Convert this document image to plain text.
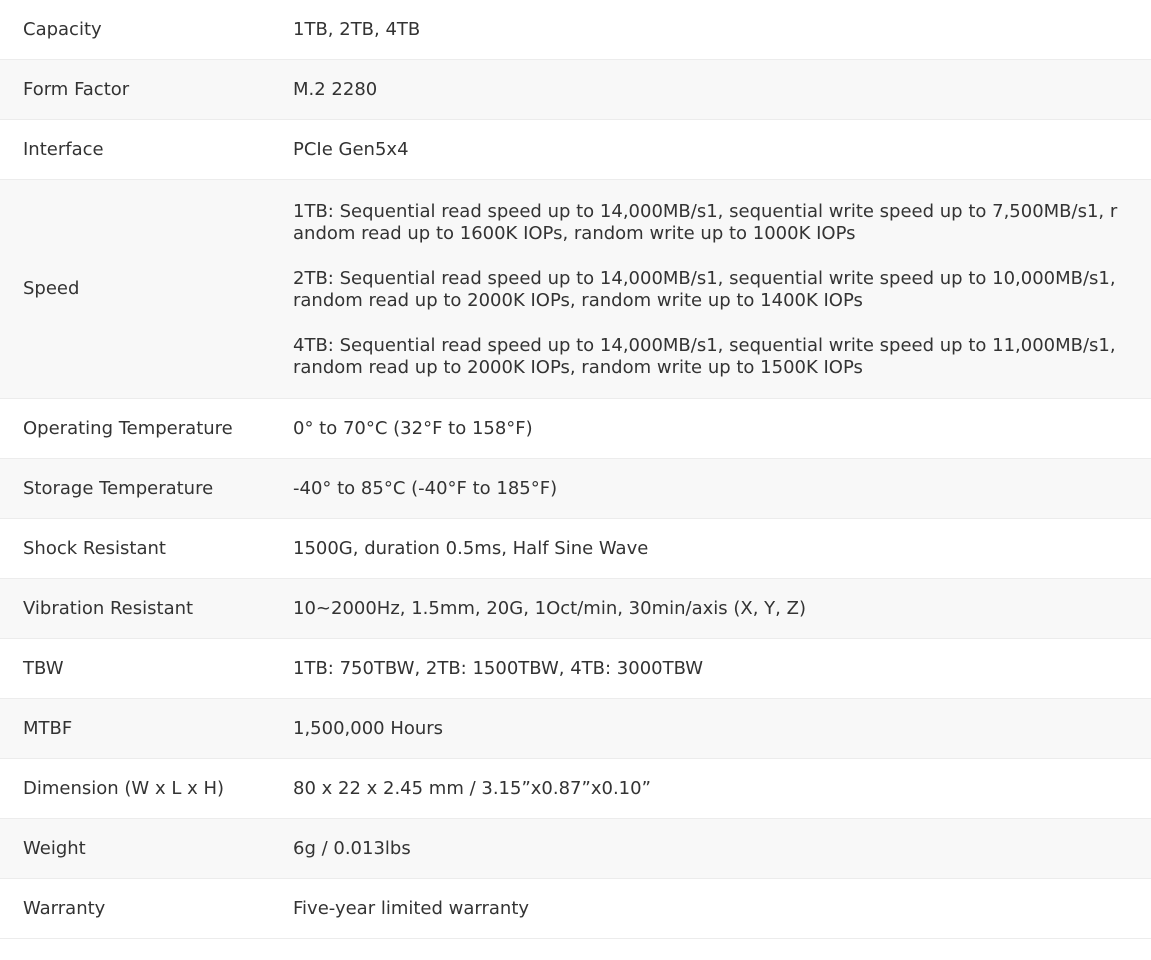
Capacity	1TB, 2TB, 4TB
Form Factor	M.2 2280
Interface	PCIe Gen5x4
Speed	1TB: Sequential read speed up to 14,000MB/s1, sequential write speed up to 7,500MB/s1, random read up to 1600K IOPs, random write up to 1000K IOPs

2TB: Sequential read speed up to 14,000MB/s1, sequential write speed up to 10,000MB/s1, random read up to 2000K IOPs, random write up to 1400K IOPs

4TB: Sequential read speed up to 14,000MB/s1, sequential write speed up to 11,000MB/s1, random read up to 2000K IOPs, random write up to 1500K IOPs

Operating Temperature	0° to 70°C (32°F to 158°F)
Storage Temperature	-40° to 85°C (-40°F to 185°F)
Shock Resistant	1500G, duration 0.5ms, Half Sine Wave
Vibration Resistant	10~2000Hz, 1.5mm, 20G, 1Oct/min, 30min/axis (X, Y, Z)
TBW	1TB: 750TBW, 2TB: 1500TBW, 4TB: 3000TBW
MTBF	1,500,000 Hours
Dimension (W x L x H)	80 x 22 x 2.45 mm / 3.15”x0.87”x0.10”
Weight	6g / 0.013lbs
Warranty	Five-year limited warranty
